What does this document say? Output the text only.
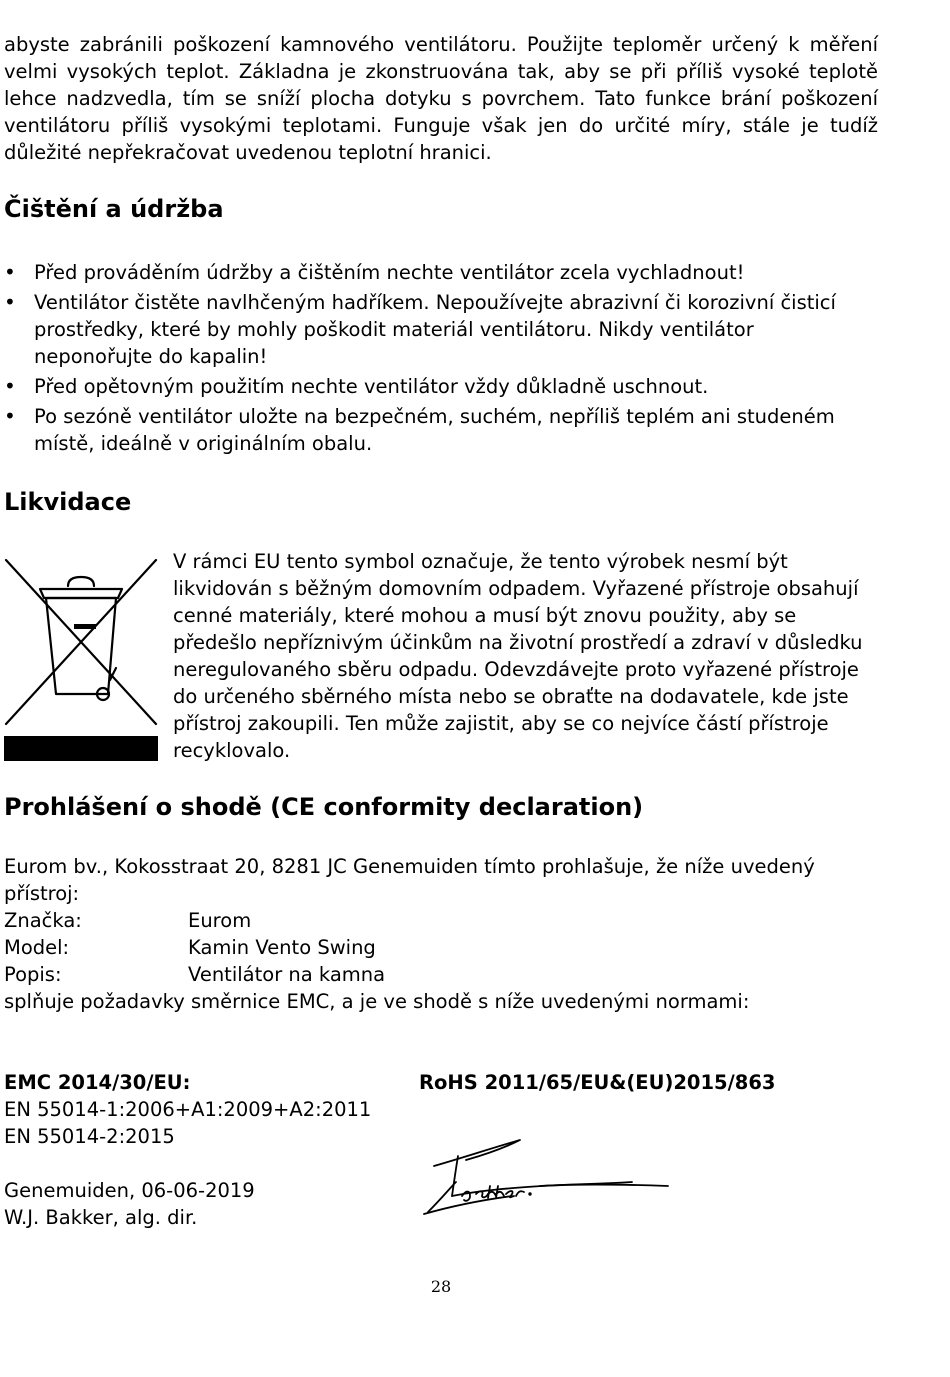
abyste zabránili poškození kamnového ventilátoru. Použijte teploměr určený k měření velmi vysokých teplot. Základna je zkonstruována tak, aby se při příliš vysoké teplotě lehce nadzvedla, tím se sníží plocha dotyku s povrchem. Tato funkce brání poškození ventilátoru příliš vysokými teplotami. Funguje však jen do určité míry, stále je tudíž důležité nepřekračovat uvedenou teplotní hranici.

Čištění a údržba
• Před prováděním údržby a čištěním nechte ventilátor zcela vychladnout!
• Ventilátor čistěte navlhčeným hadříkem. Nepoužívejte abrazivní či korozivní čisticí prostředky, které by mohly poškodit materiál ventilátoru. Nikdy ventilátor neponořujte do kapalin!
• Před opětovným použitím nechte ventilátor vždy důkladně uschnout.
• Po sezóně ventilátor uložte na bezpečném, suchém, nepříliš teplém ani studeném místě, ideálně v originálním obalu.
Likvidace

V rámci EU tento symbol označuje, že tento výrobek nesmí být likvidován s běžným domovním odpadem. Vyřazené přístroje obsahují cenné materiály, které mohou a musí být znovu použity, aby se předešlo nepříznivým účinkům na životní prostředí a zdraví v důsledku neregulovaného sběru odpadu. Odevzdávejte proto vyřazené přístroje do určeného sběrného místa nebo se obraťte na dodavatele, kde jste přístroj zakoupili. Ten může zajistit, aby se co nejvíce částí přístroje recyklovalo.

Prohlášení o shodě (CE conformity declaration)

Eurom bv., Kokosstraat 20, 8281 JC Genemuiden tímto prohlašuje, že níže uvedený přístroj:

Značka:	Eurom
Model:	Kamin Vento Swing
Popis:	Ventilátor na kamna

splňuje požadavky směrnice EMC, a je ve shodě s níže uvedenými normami:

EMC 2014/30/EU:
EN 55014-1:2006+A1:2009+A2:2011
EN 55014-2:2015
RoHS 2011/65/EU&(EU)2015/863
Genemuiden, 06-06-2019
W.J. Bakker, alg. dir.
28
